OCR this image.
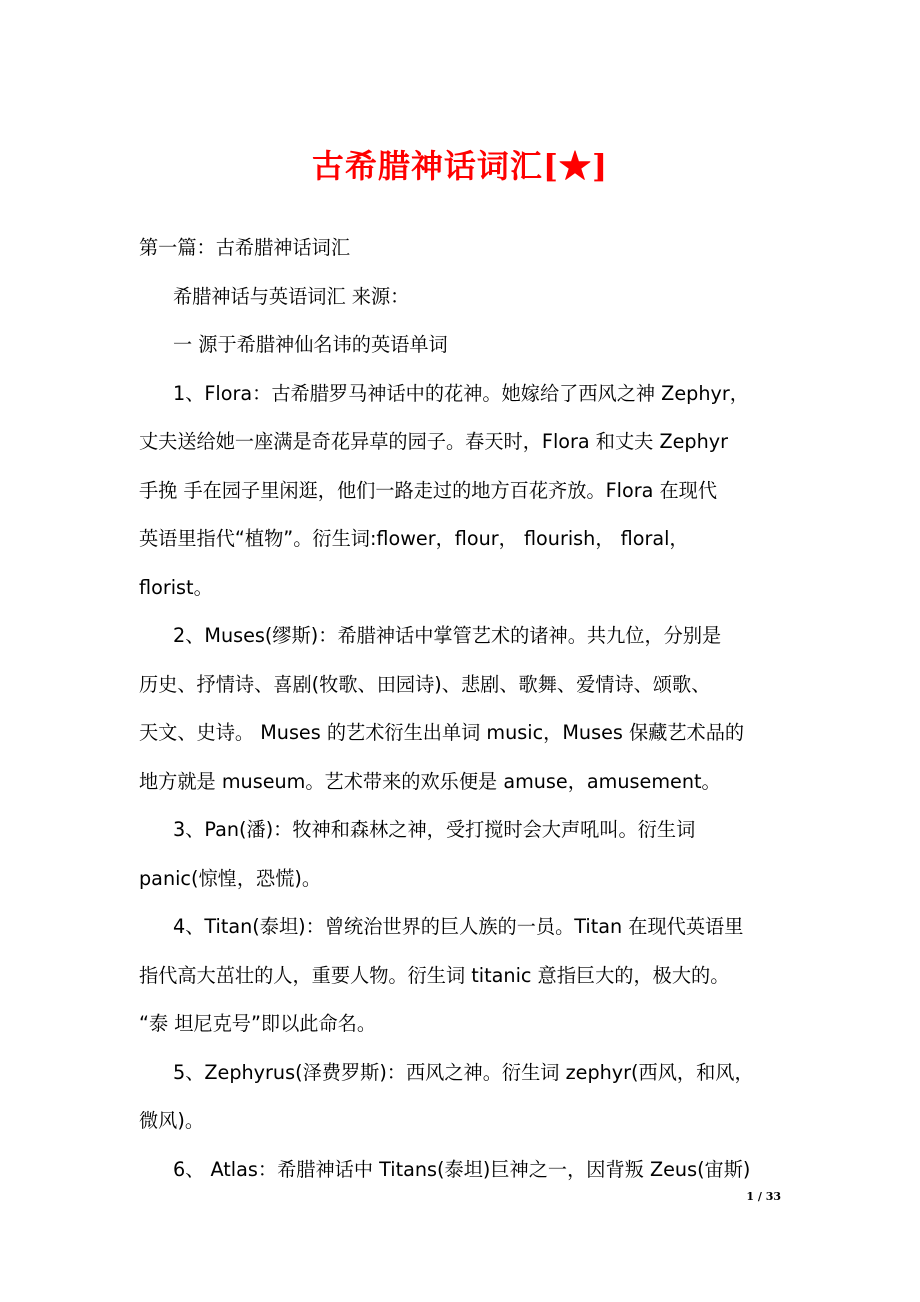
古希腊神话词汇[★]

第一篇：古希腊神话词汇

希腊神话与英语词汇 来源：

一 源于希腊神仙名讳的英语单词

1、Flora：古希腊罗马神话中的花神。她嫁给了西风之神 Zephyr，

丈夫送给她一座满是奇花异草的园子。春天时，Flora 和丈夫 Zephyr

手挽 手在园子里闲逛，他们一路走过的地方百花齐放。Flora 在现代

英语里指代“植物”。衍生词:flower，flour， flourish， floral，

florist。

2、Muses(缪斯)：希腊神话中掌管艺术的诸神。共九位，分别是

历史、抒情诗、喜剧(牧歌、田园诗)、悲剧、歌舞、爱情诗、颂歌、

天文、史诗。 Muses 的艺术衍生出单词 music，Muses 保藏艺术品的

地方就是 museum。艺术带来的欢乐便是 amuse，amusement。

3、Pan(潘)：牧神和森林之神，受打搅时会大声吼叫。衍生词

panic(惊惶，恐慌)。

4、Titan(泰坦)：曾统治世界的巨人族的一员。Titan 在现代英语里

指代高大茁壮的人，重要人物。衍生词 titanic 意指巨大的，极大的。

“泰 坦尼克号”即以此命名。

5、Zephyrus(泽费罗斯)：西风之神。衍生词 zephyr(西风，和风，

微风)。

6、 Atlas：希腊神话中 Titans(泰坦)巨神之一，因背叛 Zeus(宙斯)

1 / 33
